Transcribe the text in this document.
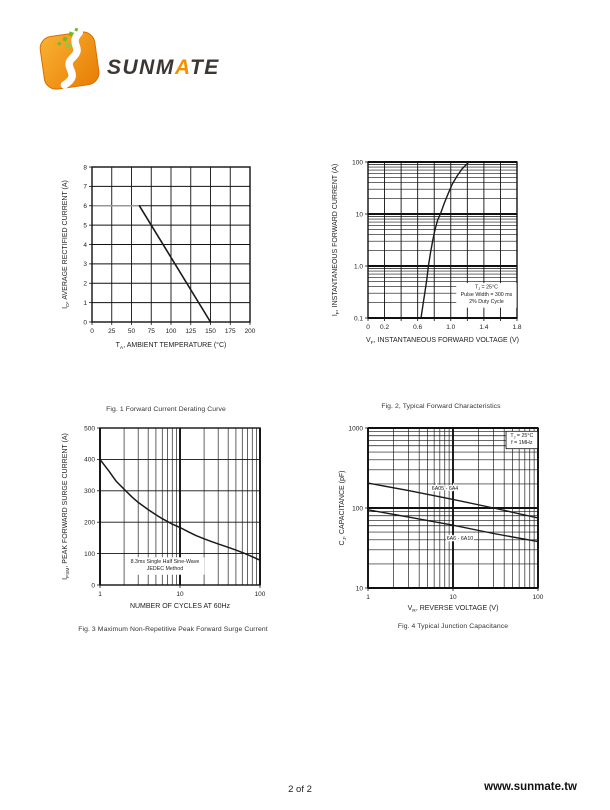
SUNMATE
0 25 50 75 100 125 150 175 200
0
1
2
3
4
5
6
7
8
$T_A$, AMBIENT TEMPERATURE (°C)
$I_O$, AVERAGE RECTIFIED CURRENT (A)
Fig. 1 Forward Current Derating Curve
0 0.2	0.6	1.0	1.4	1.8
0.1
1.0
10
100
$V_F$, INSTANTANEOUS FORWARD VOLTAGE (V)
$I_F$, INSTANTANEOUS FORWARD CURRENT (A)	$T_J = 25^\circ C$
Pulse Width = 300 ms
2% Duty Cycle
Fig. 2, Typical Forward Characteristics
1	10	100
0
100
200
300
400
500
NUMBER OF CYCLES AT 60Hz
$I_{FSM}$, PEAK FORWARD SURGE CURRENT (A)	8.3ms Single Half Sine-Wave
JEDEC Method
Fig. 3 Maximum Non-Repetitive Peak Forward Surge Current
1	10	100
10
100
1000
$V_R$, REVERSE VOLTAGE (V)
$C_J$, CAPACITANCE (pF)
$T_J = 25^\circ C$
f = 1MHz
6A05 - 6A4
6A6 - 6A10
Fig. 4 Typical Junction Capacitance
2 of 2	www.sunmate.tw
